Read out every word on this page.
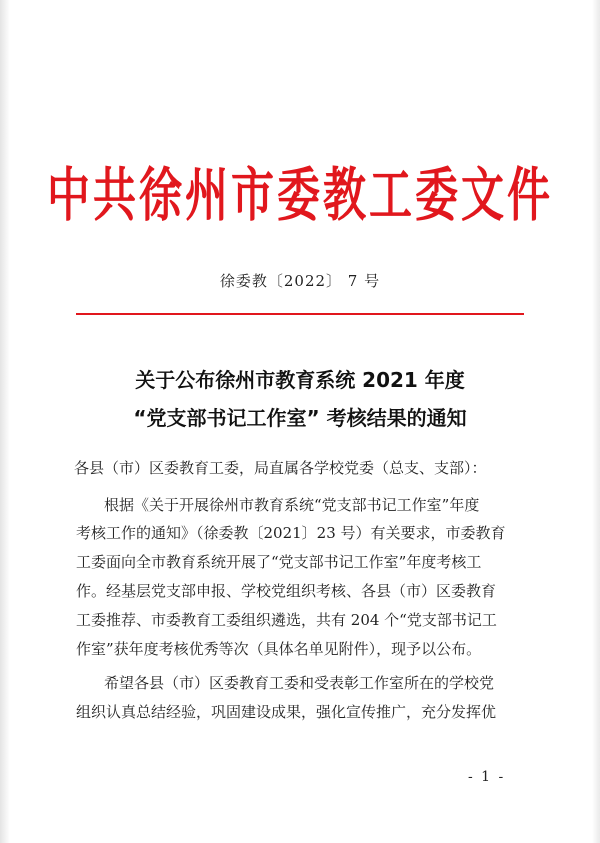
中共徐州市委教工委文件
徐委教〔2022〕 7 号
关于公布徐州市教育系统 2021 年度
“党支部书记工作室” 考核结果的通知
各县（市）区委教育工委，局直属各学校党委（总支、支部）：
根据《关于开展徐州市教育系统“党支部书记工作室”年度
考核工作的通知》（徐委教〔2021〕23 号）有关要求，市委教育
工委面向全市教育系统开展了“党支部书记工作室”年度考核工
作。经基层党支部申报、学校党组织考核、各县（市）区委教育
工委推荐、市委教育工委组织遴选，共有 204 个“党支部书记工
作室”获年度考核优秀等次（具体名单见附件），现予以公布。
希望各县（市）区委教育工委和受表彰工作室所在的学校党
组织认真总结经验，巩固建设成果，强化宣传推广，充分发挥优
- 1 -
